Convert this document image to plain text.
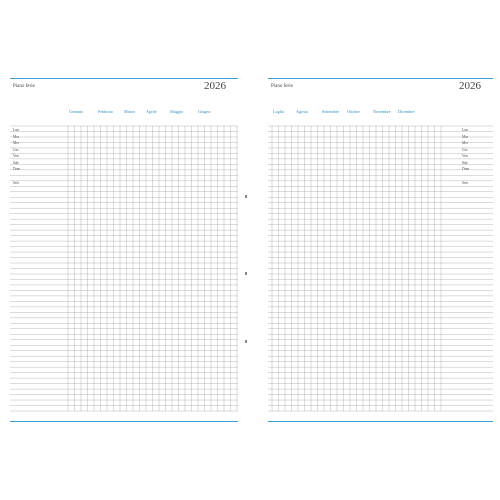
Piano ferie	2026
Gennaio	Febbraio	Marzo	Aprile	Maggio	Giugno
Lun
Mar
Mer
Gio
Ven
Sab
Dom
Sett.
Piano ferie	2026
Luglio	Agosto	Settembre Ottobre	Novembre Dicembre
Lun
Mar
Mer
Gio
Ven
Sab
Dom
Sett.
